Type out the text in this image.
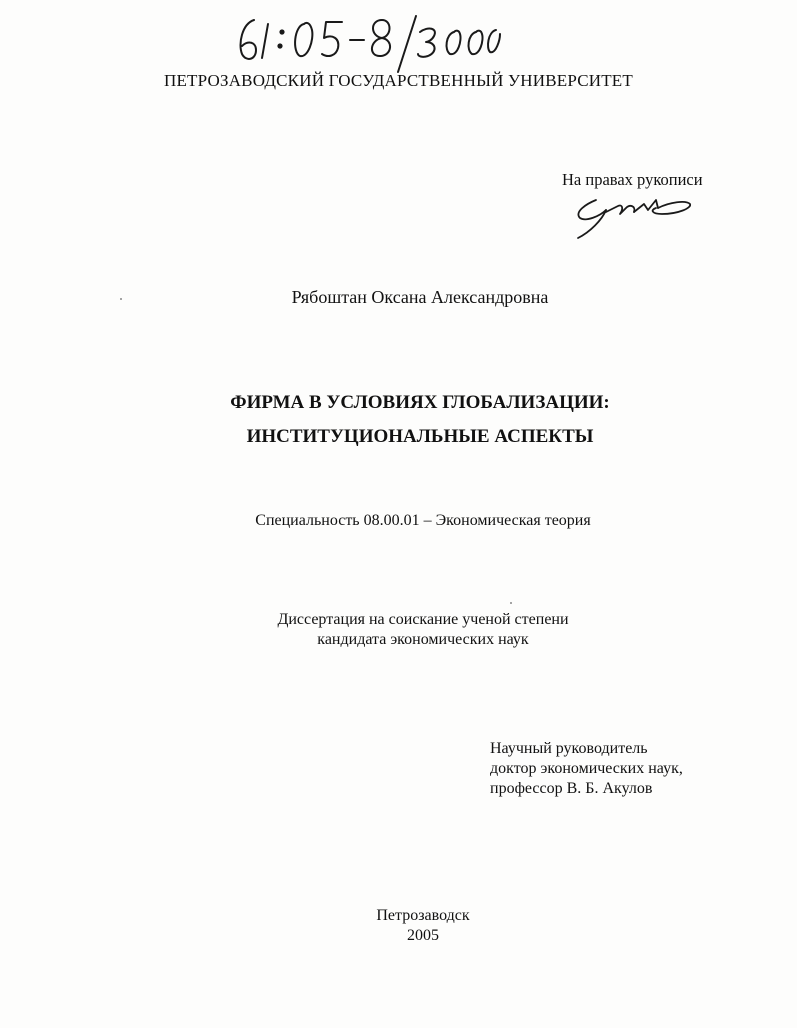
ПЕТРОЗАВОДСКИЙ ГОСУДАРСТВЕННЫЙ УНИВЕРСИТЕТ
На правах рукописи
Рябоштан Оксана Александровна
ФИРМА В УСЛОВИЯХ ГЛОБАЛИЗАЦИИ:
ИНСТИТУЦИОНАЛЬНЫЕ АСПЕКТЫ
Специальность 08.00.01 – Экономическая теория
Диссертация на соискание ученой степени
кандидата экономических наук
Научный руководитель
доктор экономических наук,
профессор В. Б. Акулов
Петрозаводск
2005
